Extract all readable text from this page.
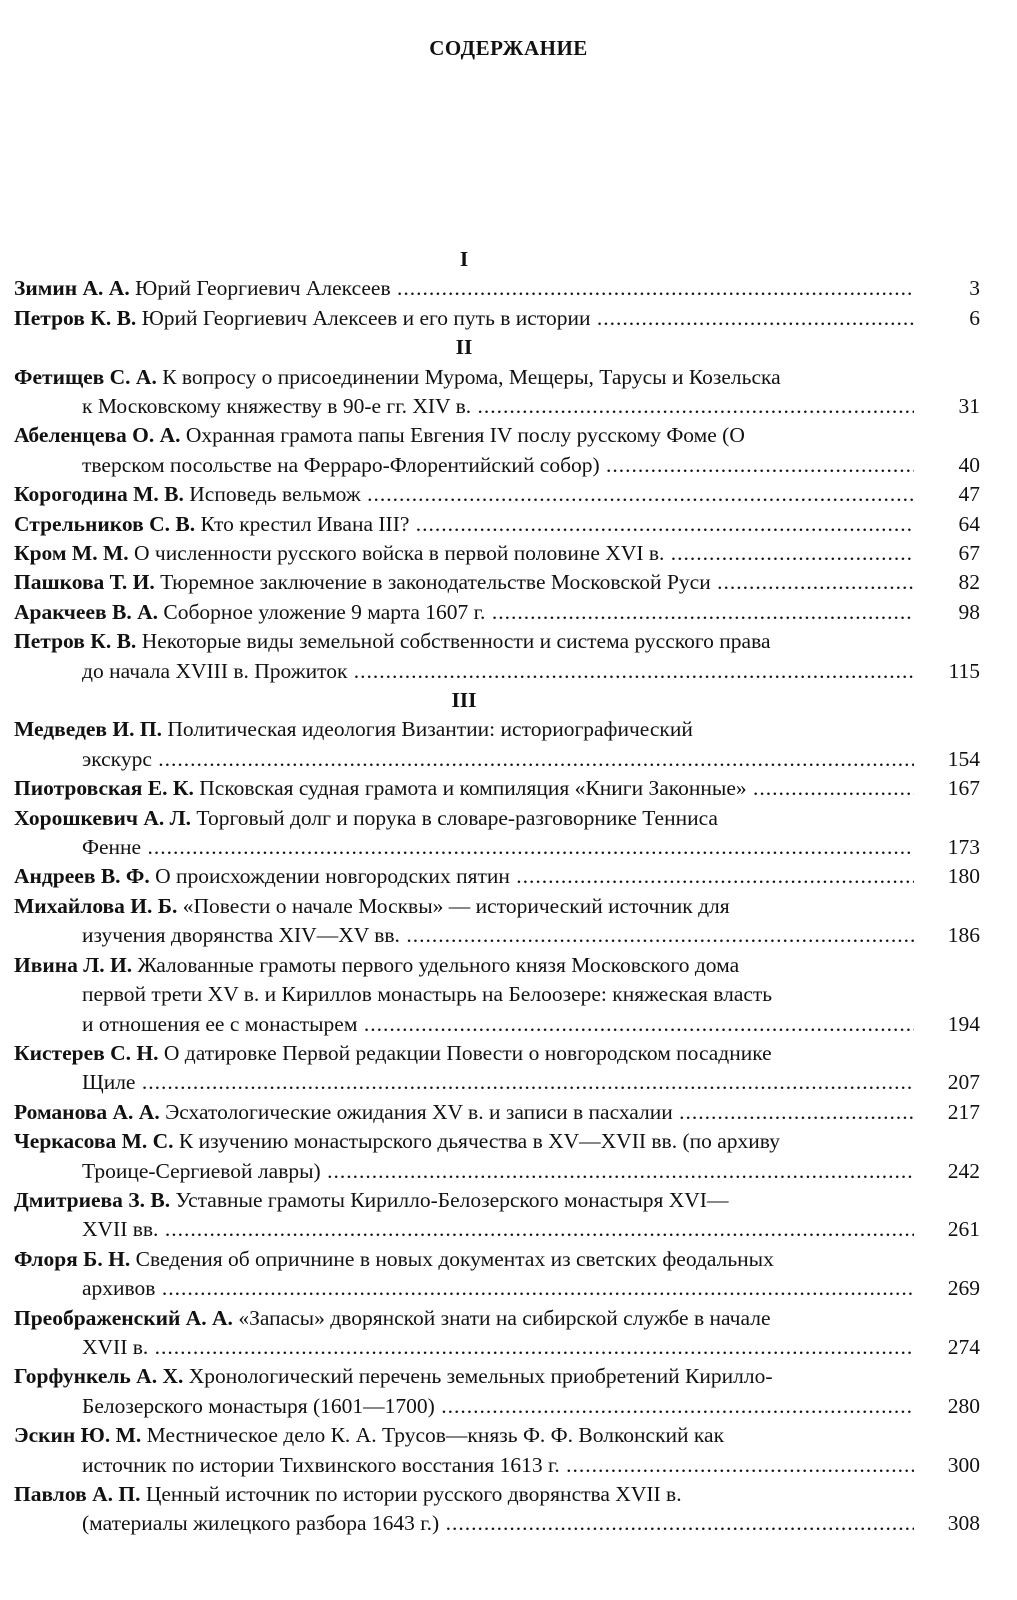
СОДЕРЖАНИЕ
I
Зимин А. А. Юрий Георгиевич Алексеев .....	3
Петров К. В. Юрий Георгиевич Алексеев и его путь в истории .....	6
II
Фетищев С. А. К вопросу о присоединении Мурома, Мещеры, Тарусы и Козельска
к Московскому княжеству в 90-е гг. XIV в. .....	31
Абеленцева О. А. Охранная грамота папы Евгения IV послу русскому Фоме (О
тверском посольстве на Ферраро-Флорентийский собор) .....	40
Корогодина М. В. Исповедь вельмож .....	47
Стрельников С. В. Кто крестил Ивана III? .....	64
Кром М. М. О численности русского войска в первой половине XVI в. .....	67
Пашкова Т. И. Тюремное заключение в законодательстве Московской Руси .....	82
Аракчеев В. А. Соборное уложение 9 марта 1607 г. .....	98
Петров К. В. Некоторые виды земельной собственности и система русского права
до начала XVIII в. Прожиток .....	115
III
Медведев И. П. Политическая идеология Византии: историографический
экскурс .....	154
Пиотровская Е. К. Псковская судная грамота и компиляция «Книги Законные» .....	167
Хорошкевич А. Л. Торговый долг и порука в словаре-разговорнике Тенниса
Фенне .....	173
Андреев В. Ф. О происхождении новгородских пятин .....	180
Михайлова И. Б. «Повести о начале Москвы» — исторический источник для
изучения дворянства XIV—XV вв. .....	186
Ивина Л. И. Жалованные грамоты первого удельного князя Московского дома
первой трети XV в. и Кириллов монастырь на Белоозере: княжеская власть
и отношения ее с монастырем .....	194
Кистерев С. Н. О датировке Первой редакции Повести о новгородском посаднике
Щиле .....	207
Романова А. А. Эсхатологические ожидания XV в. и записи в пасхалии .....	217
Черкасова М. С. К изучению монастырского дьячества в XV—XVII вв. (по архиву
Троице-Сергиевой лавры) .....	242
Дмитриева З. В. Уставные грамоты Кирилло-Белозерского монастыря XVI—
XVII вв. .....	261
Флоря Б. Н. Сведения об опричнине в новых документах из светских феодальных
архивов .....	269
Преображенский А. А. «Запасы» дворянской знати на сибирской службе в начале
XVII в. .....	274
Горфункель А. Х. Хронологический перечень земельных приобретений Кирилло-
Белозерского монастыря (1601—1700) .....	280
Эскин Ю. М. Местническое дело К. А. Трусов—князь Ф. Ф. Волконский как
источник по истории Тихвинского восстания 1613 г. .....	300
Павлов А. П. Ценный источник по истории русского дворянства XVII в.
(материалы жилецкого разбора 1643 г.) .....	308
